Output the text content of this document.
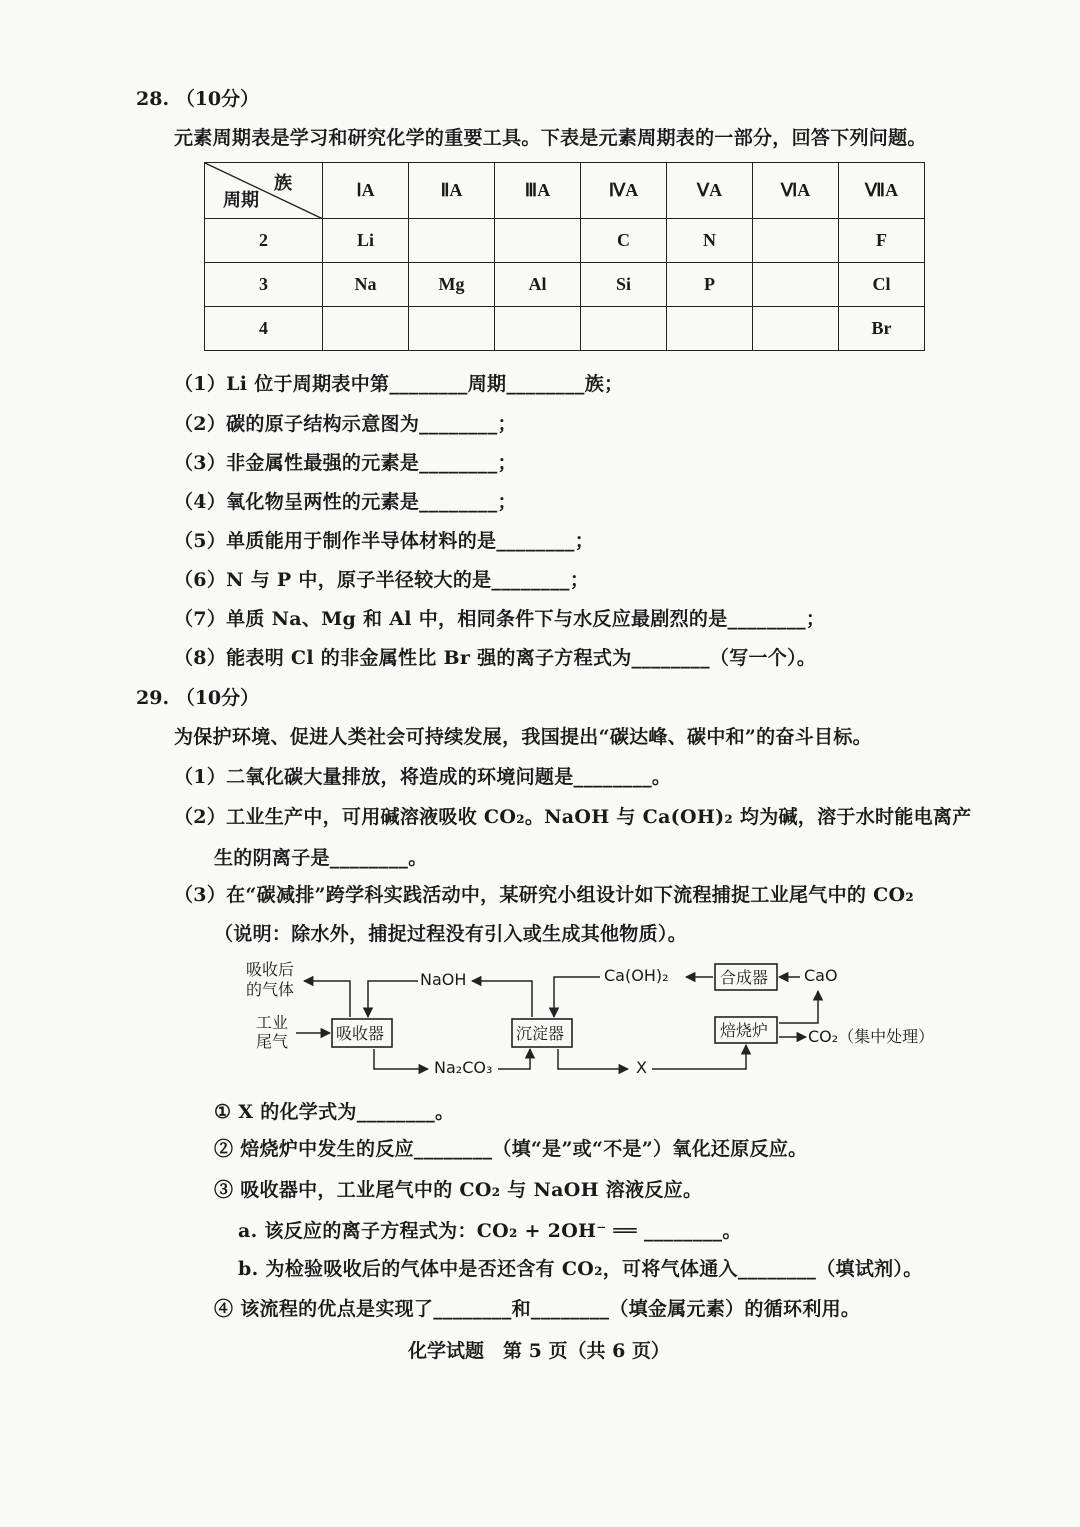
28. （10分）
元素周期表是学习和研究化学的重要工具。下表是元素周期表的一部分，回答下列问题。
族
周期	ⅠA	ⅡA	ⅢA	ⅣA	ⅤA	ⅥA	ⅦA
2	Li			C	N		F
3	Na	Mg	Al	Si	P		Cl
4							Br
（1）Li 位于周期表中第________周期________族；
（2）碳的原子结构示意图为________；
（3）非金属性最强的元素是________；
（4）氧化物呈两性的元素是________；
（5）单质能用于制作半导体材料的是________；
（6）N 与 P 中，原子半径较大的是________；
（7）单质 Na、Mg 和 Al 中，相同条件下与水反应最剧烈的是________；
（8）能表明 Cl 的非金属性比 Br 强的离子方程式为________（写一个）。
29. （10分）
为保护环境、促进人类社会可持续发展，我国提出“碳达峰、碳中和”的奋斗目标。
（1）二氧化碳大量排放，将造成的环境问题是________。
（2）工业生产中，可用碱溶液吸收 CO₂。NaOH 与 Ca(OH)₂ 均为碱，溶于水时能电离产
生的阴离子是________。
（3）在“碳减排”跨学科实践活动中，某研究小组设计如下流程捕捉工业尾气中的 CO₂
（说明：除水外，捕捉过程没有引入或生成其他物质）。
吸收后
的气体
工业
尾气	吸收器	沉淀器
合成器
焙烧炉
NaOH	Ca(OH)₂	CaO
CO₂（集中处理）
Na₂CO₃	X
① X 的化学式为________。
② 焙烧炉中发生的反应________（填“是”或“不是”）氧化还原反应。
③ 吸收器中，工业尾气中的 CO₂ 与 NaOH 溶液反应。
a. 该反应的离子方程式为：CO₂ + 2OH⁻ ══ ________。
b. 为检验吸收后的气体中是否还含有 CO₂，可将气体通入________（填试剂）。
④ 该流程的优点是实现了________和________（填金属元素）的循环利用。
化学试题　第 5 页（共 6 页）
